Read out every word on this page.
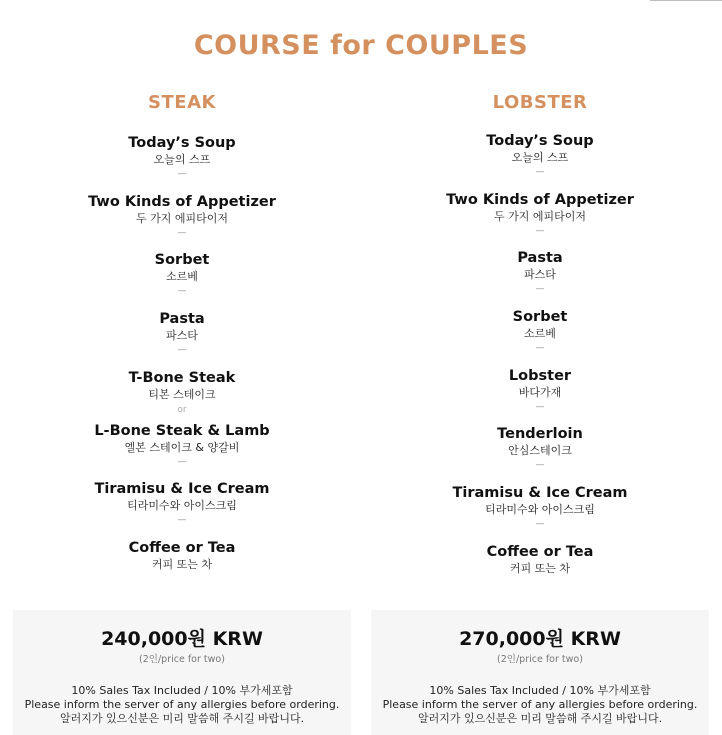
COURSE for COUPLES
STEAK
Today’s Soup
오늘의 스프
—
Two Kinds of Appetizer
두 가지 에피타이저
—
Sorbet
소르베
—
Pasta
파스타
—
T-Bone Steak
티본 스테이크
or
L-Bone Steak & Lamb
엘본 스테이크 & 양갈비
—
Tiramisu & Ice Cream
티라미수와 아이스크림
—
Coffee or Tea
커피 또는 차
LOBSTER
Today’s Soup
오늘의 스프
—
Two Kinds of Appetizer
두 가지 에피타이저
—
Pasta
파스타
—
Sorbet
소르베
—
Lobster
바다가재
—
Tenderloin
안심스테이크
—
Tiramisu & Ice Cream
티라미수와 아이스크림
—
Coffee or Tea
커피 또는 차
240,000원 KRW
(2인/price for two)
10% Sales Tax Included / 10% 부가세포함
Please inform the server of any allergies before ordering.
알러지가 있으신분은 미리 말씀해 주시길 바랍니다.
270,000원 KRW
(2인/price for two)
10% Sales Tax Included / 10% 부가세포함
Please inform the server of any allergies before ordering.
알러지가 있으신분은 미리 말씀해 주시길 바랍니다.
